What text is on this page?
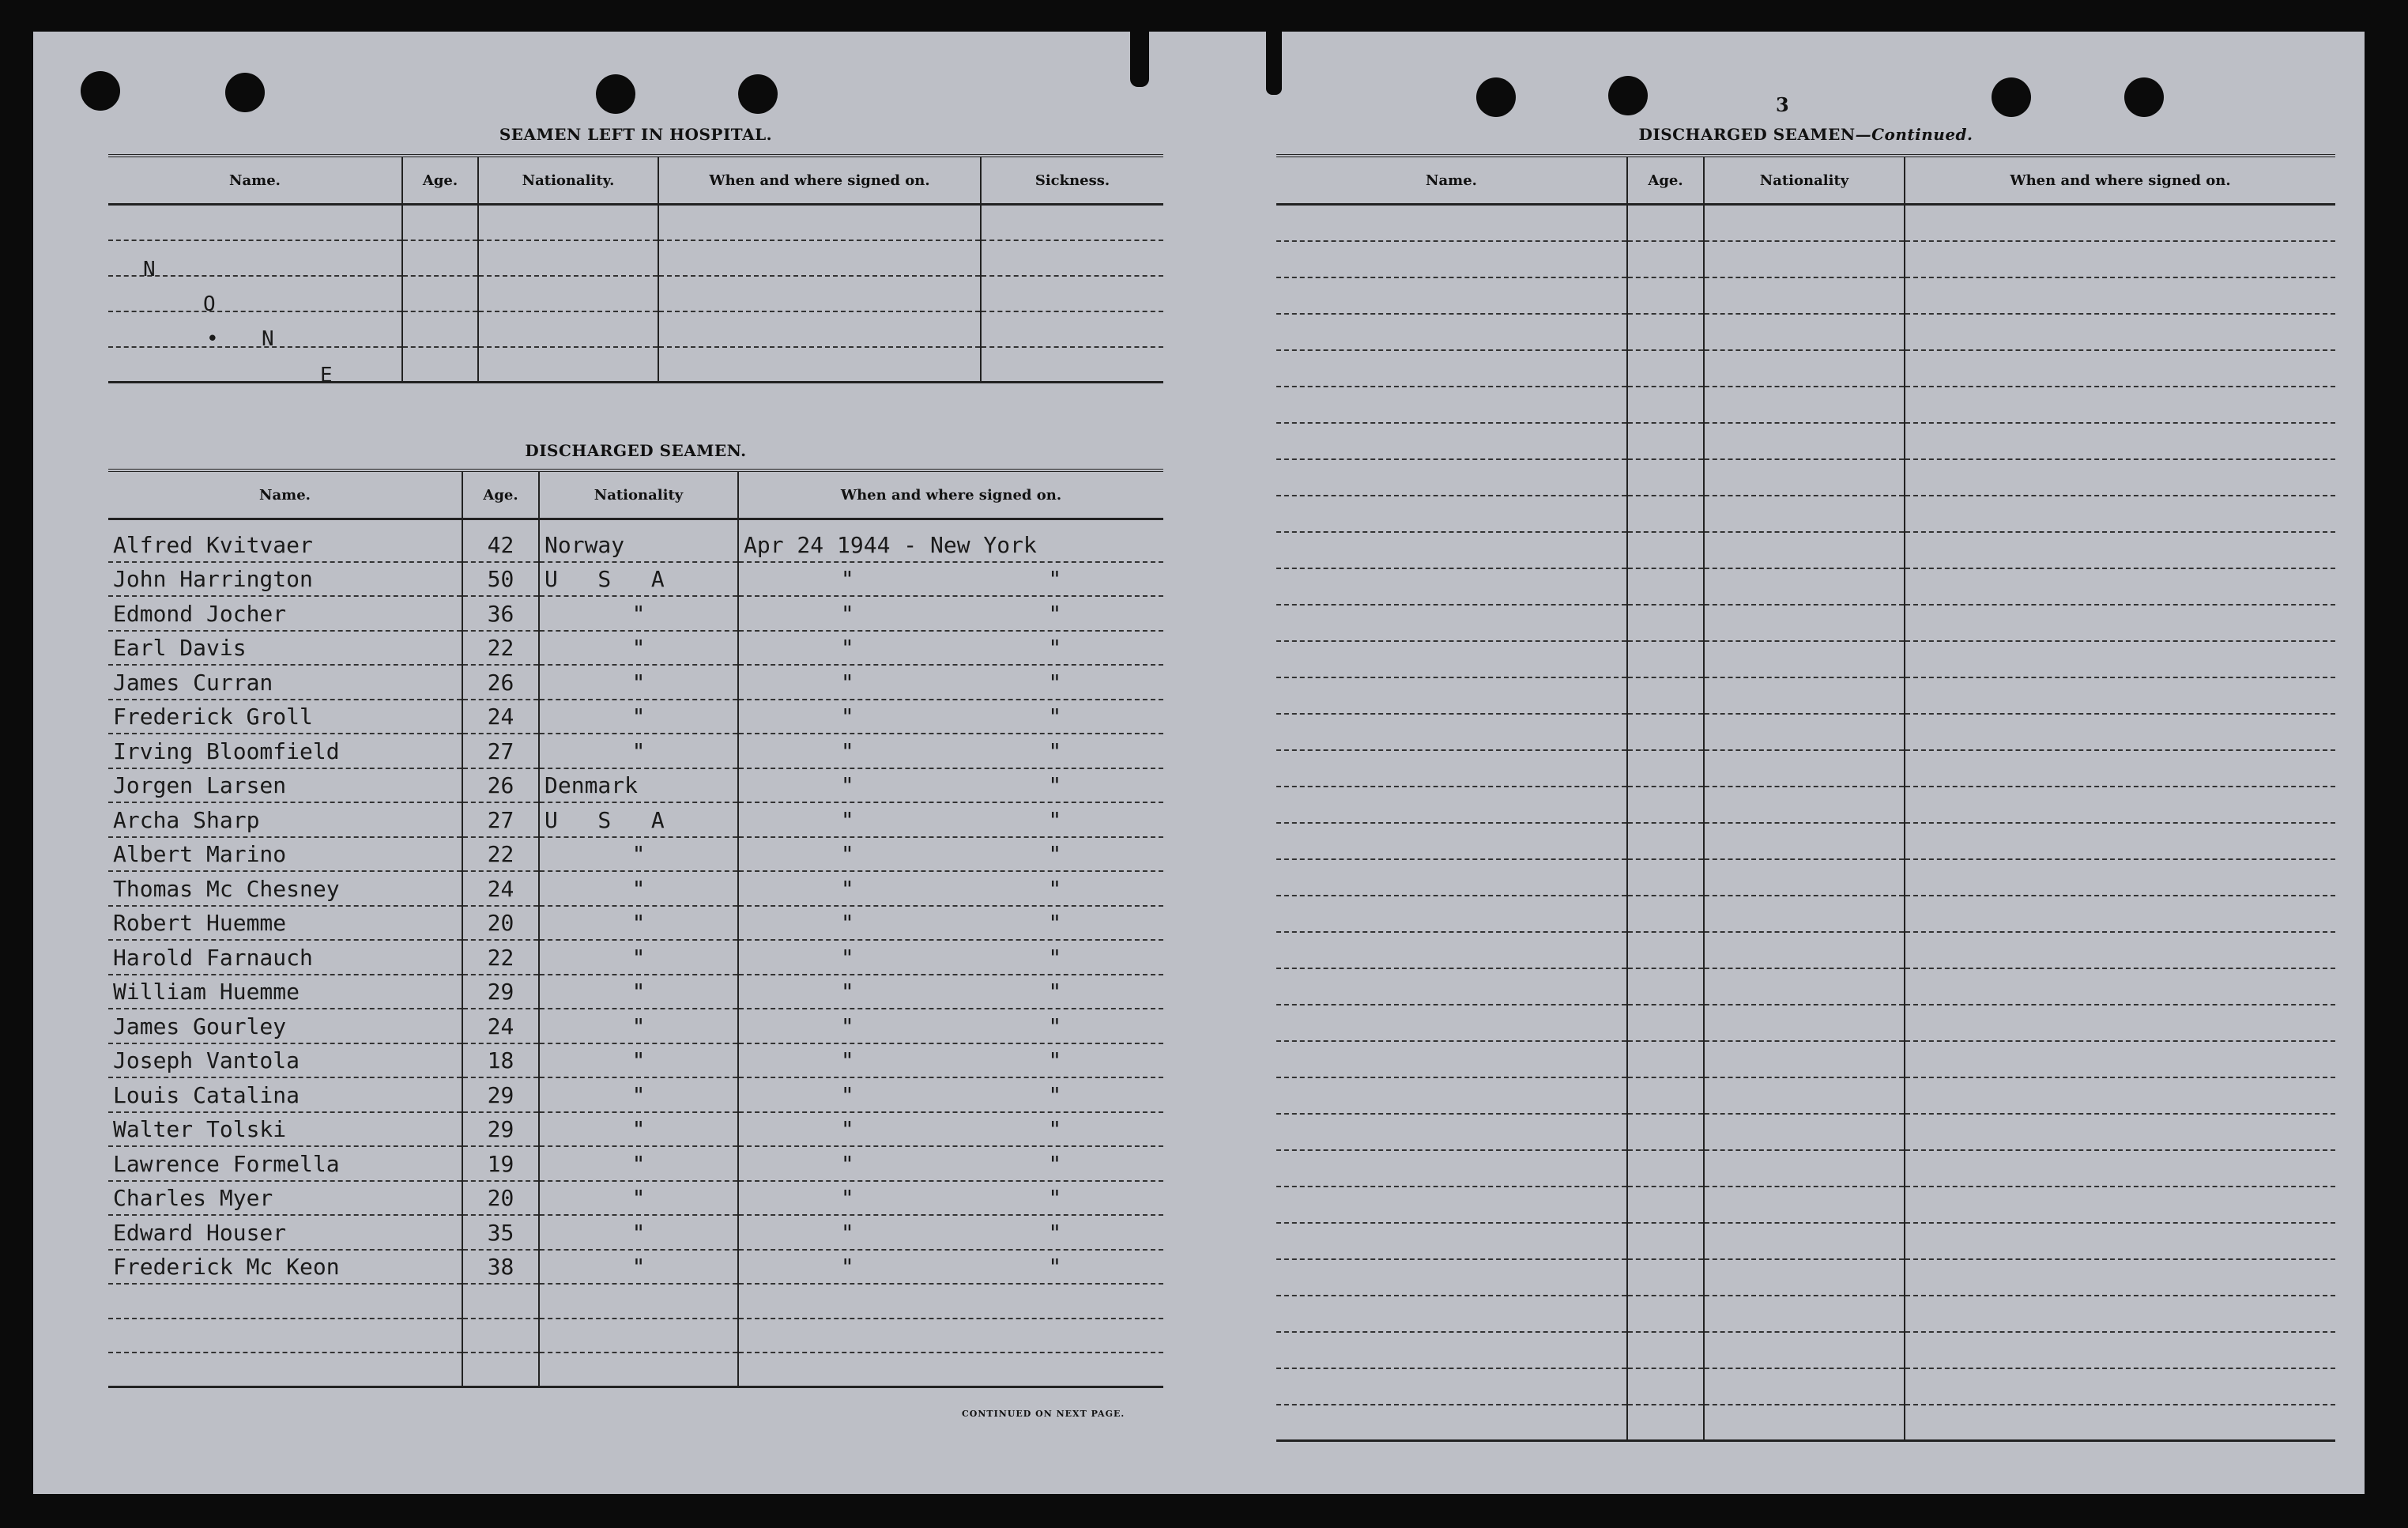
SEAMEN LEFT IN HOSPITAL.
Name.	Age.	Nationality.	When and where signed on.	Sickness.

N
O
• N
E
DISCHARGED SEAMEN.
Name.	Age.	Nationality	When and where signed on.
Alfred Kvitvaer	42	Norway	Apr 24 1944 - New York
John Harrington	50	U   S   A	" "

Edmond Jocher	36	"	" "

Earl Davis	22	"	" "

James Curran	26	"	" "

Frederick Groll	24	"	" "

Irving Bloomfield	27	"	" "

Jorgen Larsen	26	Denmark	" "

Archa Sharp	27	U   S   A	" "

Albert Marino	22	"	" "

Thomas Mc Chesney	24	"	" "

Robert Huemme	20	"	" "

Harold Farnauch	22	"	" "

William Huemme	29	"	" "

James Gourley	24	"	" "

Joseph Vantola	18	"	" "

Louis Catalina	29	"	" "

Walter Tolski	29	"	" "

Lawrence Formella	19	"	" "

Charles Myer	20	"	" "

Edward Houser	35	"	" "

Frederick Mc Keon	38	"	" "

CONTINUED ON NEXT PAGE.
3
DISCHARGED SEAMEN—Continued.
Name.	Age.	Nationality	When and where signed on.
